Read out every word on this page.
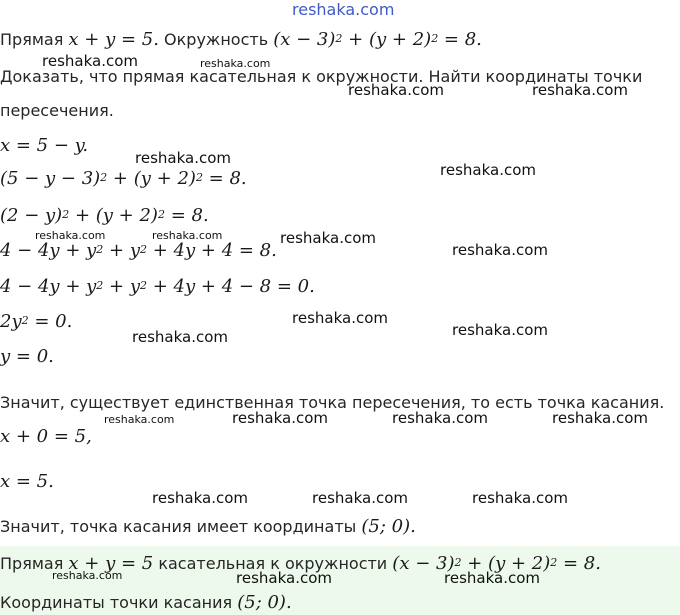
reshaka.com
Прямая x + y = 5. Окружность $(x - 3)^2 + (y + 2)^2 = 8$.
Доказать, что прямая касательная к окружности. Найти координаты точки
пересечения.
x = 5 − y.
$(5 - y - 3)^2 + (y + 2)^2 = 8$.
$(2 - y)^2 + (y + 2)^2 = 8$.
$4 - 4y + y^2 + y^2 + 4y + 4 = 8$.
$4 - 4y + y^2 + y^2 + 4y + 4 - 8 = 0$.
$2y^2 = 0$.
y = 0.
Значит, существует единственная точка пересечения, то есть точка касания.
x + 0 = 5,
x = 5.
Значит, точка касания имеет координаты (5; 0).
Прямая x + y = 5 касательная к окружности $(x - 3)^2 + (y + 2)^2 = 8$.
Координаты точки касания (5; 0).
reshaka.com	reshaka.com
reshaka.com	reshaka.com
reshaka.com
reshaka.com
reshaka.com
reshaka.com	reshaka.com
reshaka.com
reshaka.com
reshaka.com
reshaka.com
reshaka.com	reshaka.com	reshaka.com	reshaka.com
reshaka.com	reshaka.com	reshaka.com
reshaka.com	reshaka.com	reshaka.com
